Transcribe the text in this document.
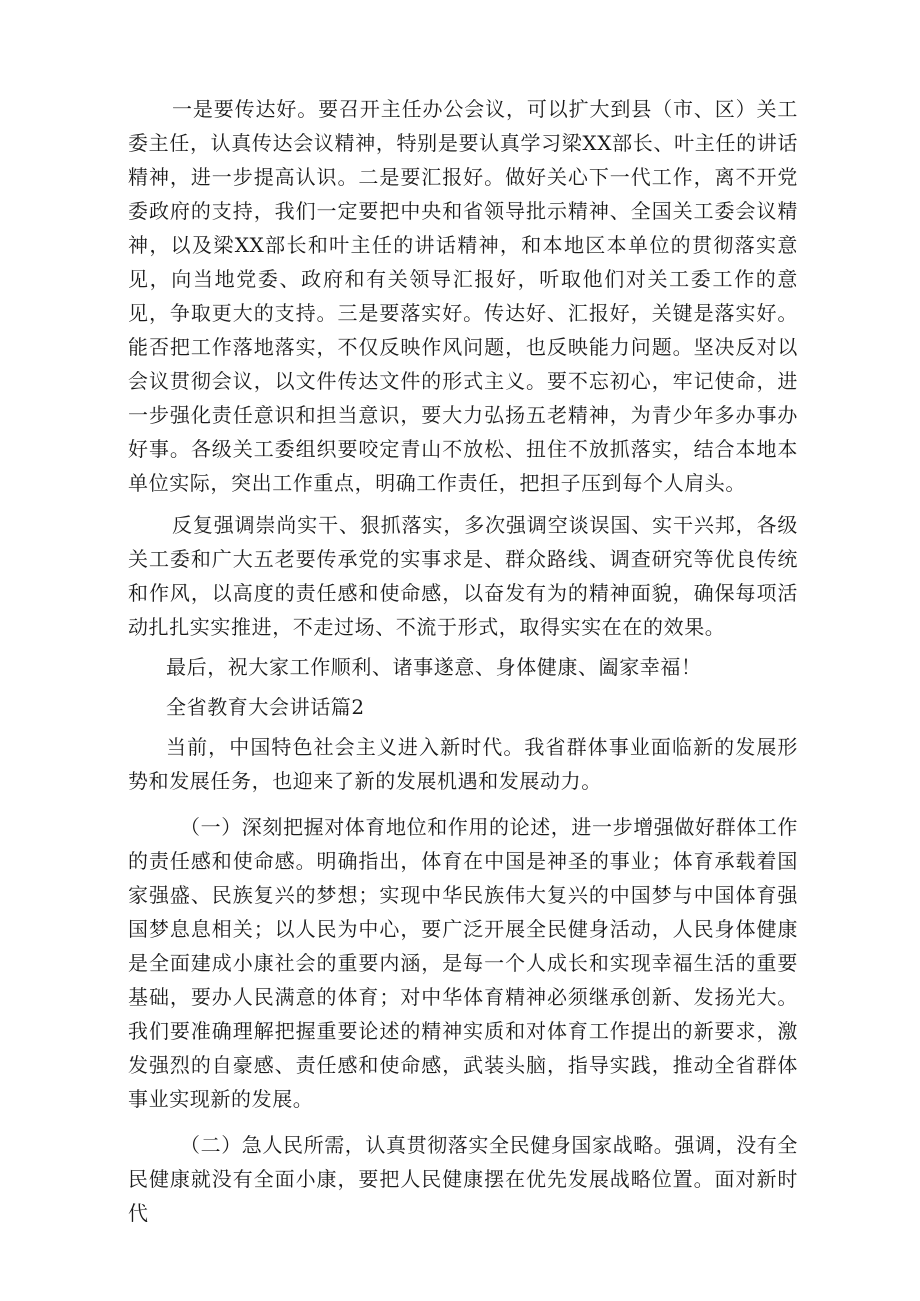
一是要传达好。要召开主任办公会议，可以扩大到县（市、区）关工委主任，认真传达会议精神，特别是要认真学习梁XX部长、叶主任的讲话精神，进一步提高认识。二是要汇报好。做好关心下一代工作，离不开党委政府的支持，我们一定要把中央和省领导批示精神、全国关工委会议精神，以及梁XX部长和叶主任的讲话精神，和本地区本单位的贯彻落实意见，向当地党委、政府和有关领导汇报好，听取他们对关工委工作的意见，争取更大的支持。三是要落实好。传达好、汇报好，关键是落实好。能否把工作落地落实，不仅反映作风问题，也反映能力问题。坚决反对以会议贯彻会议，以文件传达文件的形式主义。要不忘初心，牢记使命，进一步强化责任意识和担当意识，要大力弘扬五老精神，为青少年多办事办好事。各级关工委组织要咬定青山不放松、扭住不放抓落实，结合本地本单位实际，突出工作重点，明确工作责任，把担子压到每个人肩头。

反复强调崇尚实干、狠抓落实，多次强调空谈误国、实干兴邦，各级关工委和广大五老要传承党的实事求是、群众路线、调查研究等优良传统和作风，以高度的责任感和使命感，以奋发有为的精神面貌，确保每项活动扎扎实实推进，不走过场、不流于形式，取得实实在在的效果。

最后，祝大家工作顺利、诸事遂意、身体健康、阖家幸福！

全省教育大会讲话篇2

当前，中国特色社会主义进入新时代。我省群体事业面临新的发展形势和发展任务，也迎来了新的发展机遇和发展动力。

（一）深刻把握对体育地位和作用的论述，进一步增强做好群体工作的责任感和使命感。明确指出，体育在中国是神圣的事业；体育承载着国家强盛、民族复兴的梦想；实现中华民族伟大复兴的中国梦与中国体育强国梦息息相关；以人民为中心，要广泛开展全民健身活动，人民身体健康是全面建成小康社会的重要内涵，是每一个人成长和实现幸福生活的重要基础，要办人民满意的体育；对中华体育精神必须继承创新、发扬光大。我们要准确理解把握重要论述的精神实质和对体育工作提出的新要求，激发强烈的自豪感、责任感和使命感，武装头脑，指导实践，推动全省群体事业实现新的发展。

（二）急人民所需，认真贯彻落实全民健身国家战略。强调，没有全民健康就没有全面小康，要把人民健康摆在优先发展战略位置。面对新时代
